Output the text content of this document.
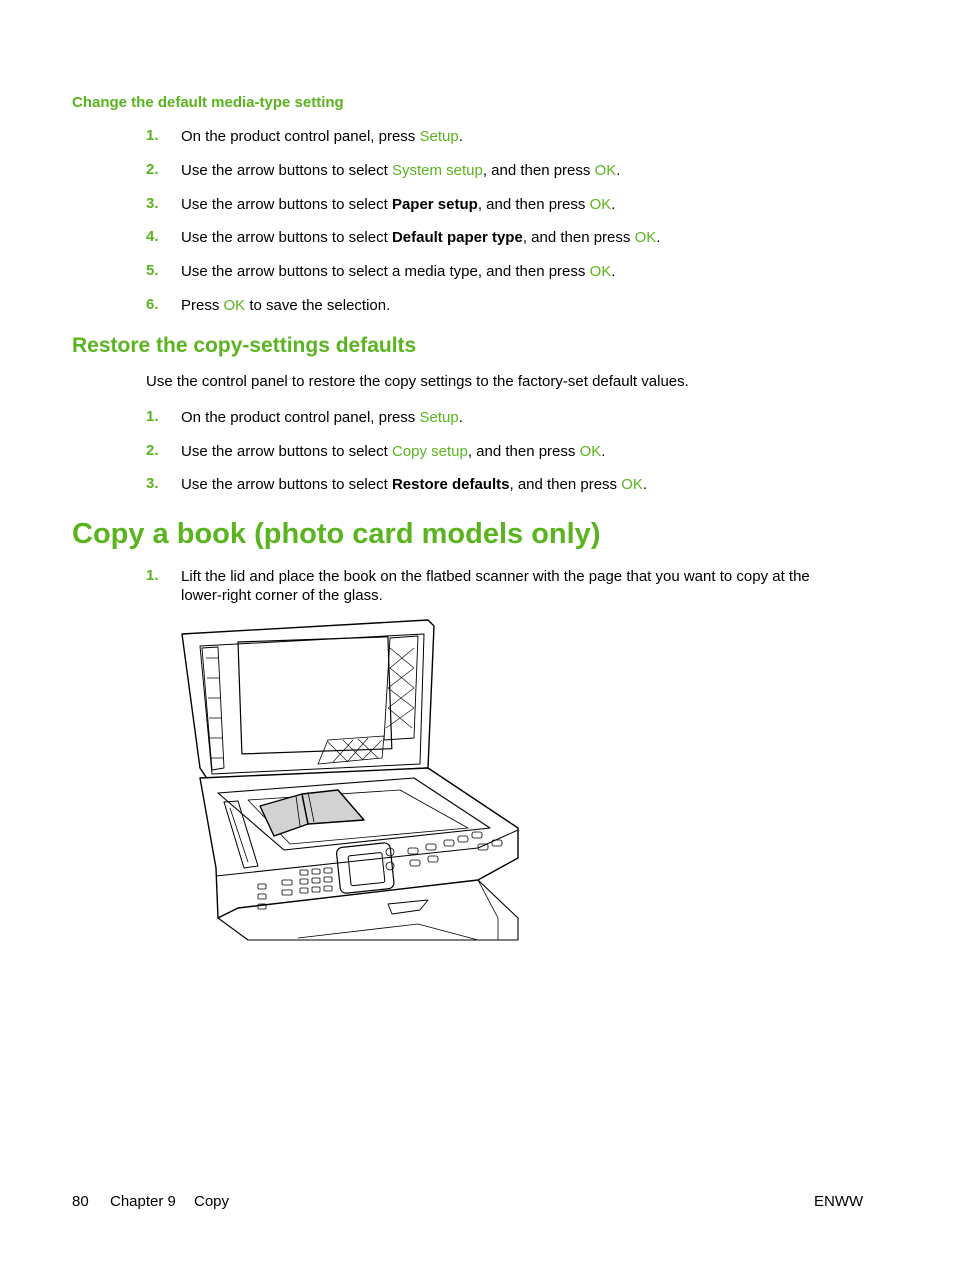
Change the default media-type setting
1. On the product control panel, press Setup.
2. Use the arrow buttons to select System setup, and then press OK.
3. Use the arrow buttons to select Paper setup, and then press OK.
4. Use the arrow buttons to select Default paper type, and then press OK.
5. Use the arrow buttons to select a media type, and then press OK.
6. Press OK to save the selection.
Restore the copy-settings defaults
Use the control panel to restore the copy settings to the factory-set default values.
1. On the product control panel, press Setup.
2. Use the arrow buttons to select Copy setup, and then press OK.
3. Use the arrow buttons to select Restore defaults, and then press OK.
Copy a book (photo card models only)
1. Lift the lid and place the book on the flatbed scanner with the page that you want to copy at the
lower-right corner of the glass.
80 Chapter 9 Copy	ENWW
